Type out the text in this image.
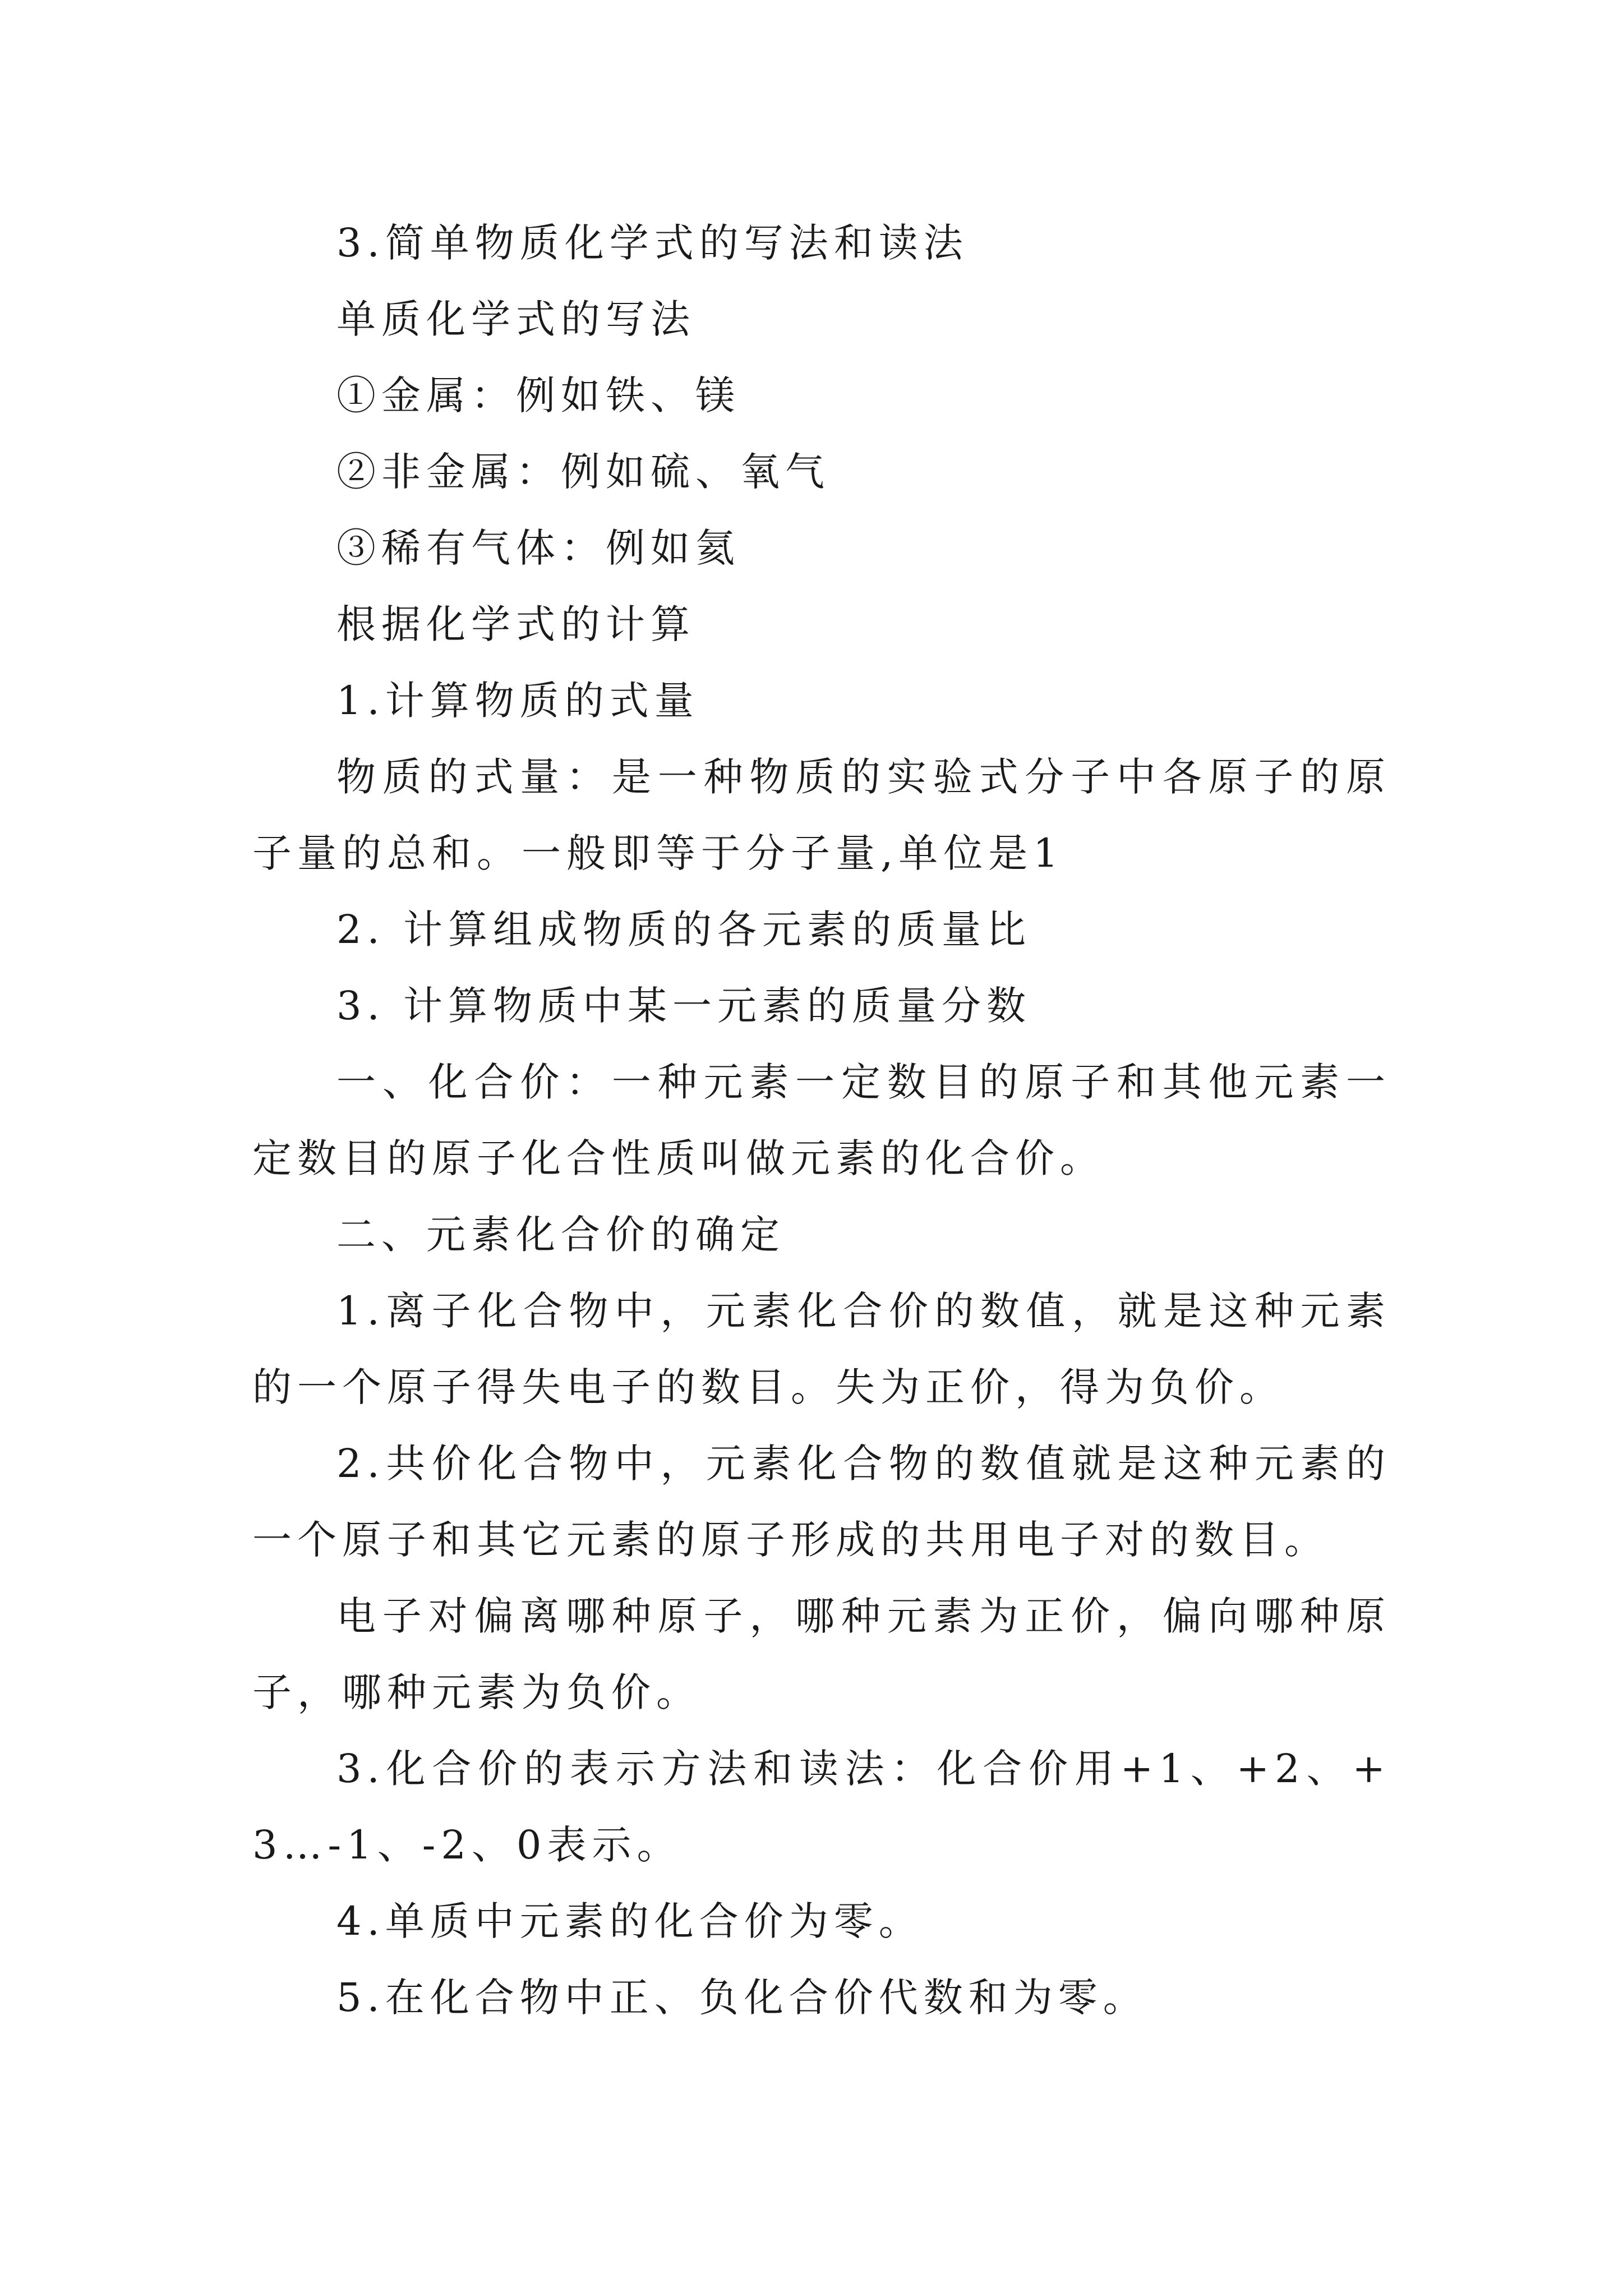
3.简单物质化学式的写法和读法

单质化学式的写法

①金属：例如铁、镁

②非金属：例如硫、氧气

③稀有气体：例如氦

根据化学式的计算

1.计算物质的式量

物质的式量：是一种物质的实验式分子中各原子的原子量的总和。一般即等于分子量,单位是1

2. 计算组成物质的各元素的质量比

3. 计算物质中某一元素的质量分数

一、化合价：一种元素一定数目的原子和其他元素一定数目的原子化合性质叫做元素的化合价。

二、元素化合价的确定

1.离子化合物中，元素化合价的数值，就是这种元素的一个原子得失电子的数目。失为正价，得为负价。

2.共价化合物中，元素化合物的数值就是这种元素的一个原子和其它元素的原子形成的共用电子对的数目。

电子对偏离哪种原子，哪种元素为正价，偏向哪种原子，哪种元素为负价。

3.化合价的表示方法和读法：化合价用+1、+2、+3…-1、-2、0表示。

4.单质中元素的化合价为零。

5.在化合物中正、负化合价代数和为零。
